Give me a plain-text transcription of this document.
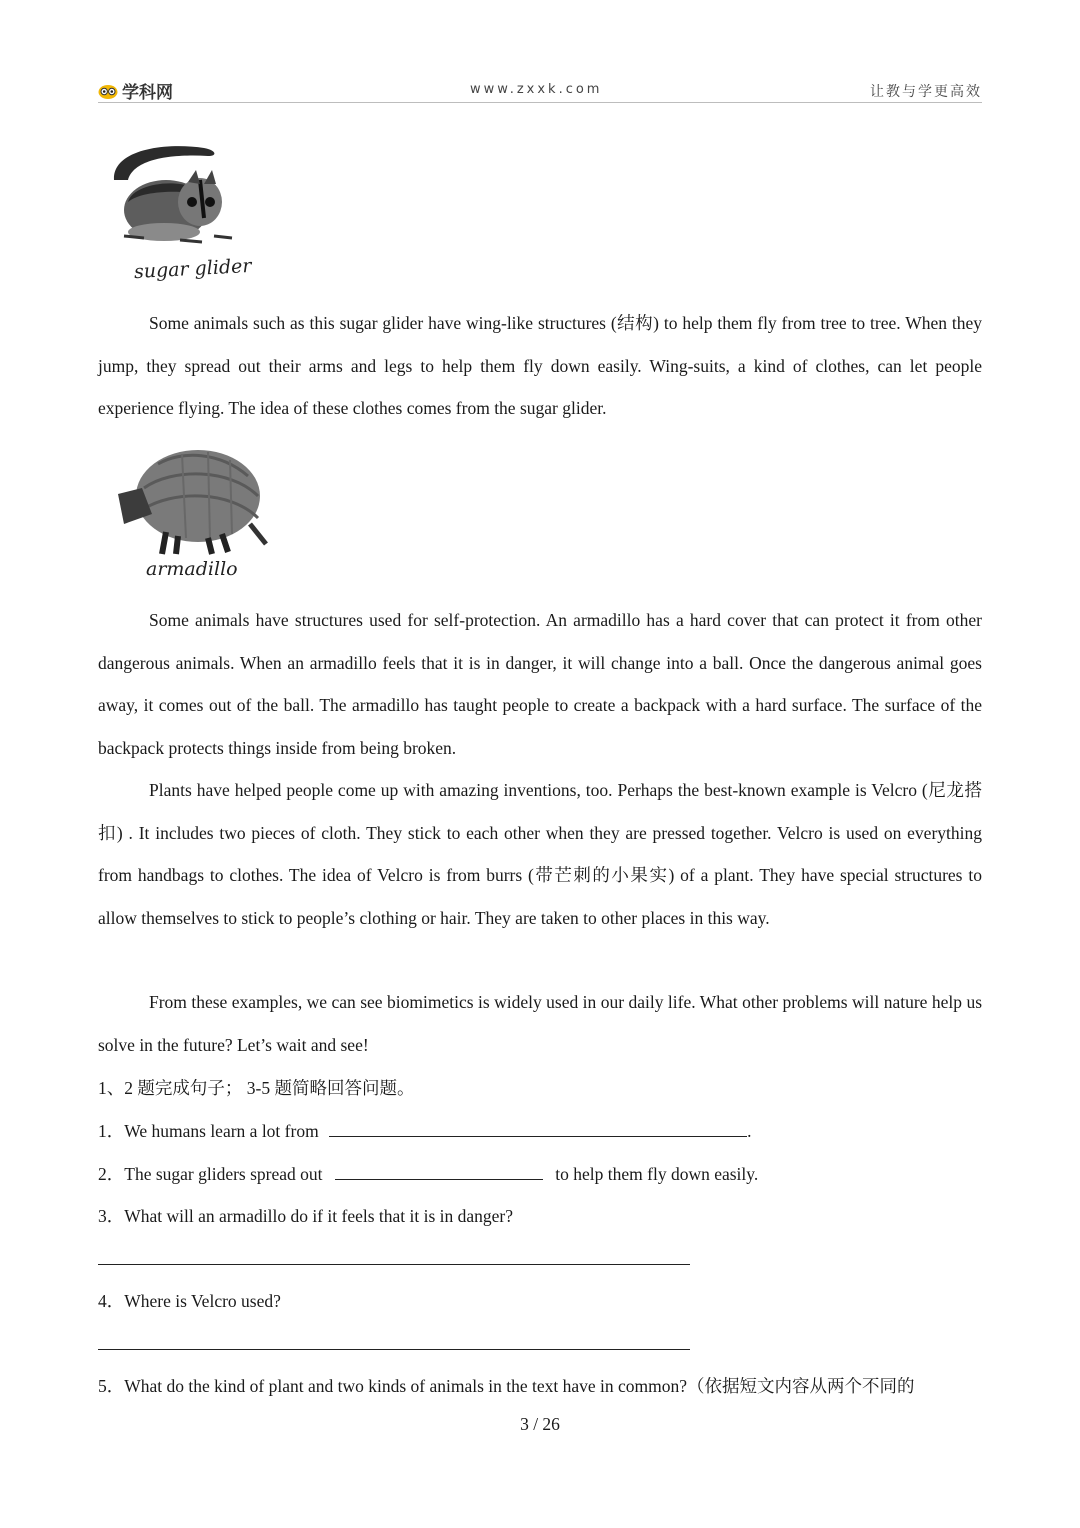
学科网	www.zxxk.com	让教与学更高效
sugar glider

Some animals such as this sugar glider have wing-like structures (结构) to help them fly from tree to tree. When they jump, they spread out their arms and legs to help them fly down easily. Wing-suits, a kind of clothes, can let people experience flying. The idea of these clothes comes from the sugar glider.

armadillo

Some animals have structures used for self-protection. An armadillo has a hard cover that can protect it from other dangerous animals. When an armadillo feels that it is in danger, it will change into a ball. Once the dangerous animal goes away, it comes out of the ball. The armadillo has taught people to create a backpack with a hard surface. The surface of the backpack protects things inside from being broken.

Plants have helped people come up with amazing inventions, too. Perhaps the best-known example is Velcro (尼龙搭扣) . It includes two pieces of cloth. They stick to each other when they are pressed together. Velcro is used on everything from handbags to clothes. The idea of Velcro is from burrs (带芒刺的小果实) of a plant. They have special structures to allow themselves to stick to people’s clothing or hair. They are taken to other places in this way.

From these examples, we can see biomimetics is widely used in our daily life. What other problems will nature help us solve in the future? Let’s wait and see!

1、2 题完成句子； 3-5 题简略回答问题。

1．We humans learn a lot from	.

2．The sugar gliders spread out	to help them fly down easily.

3．What will an armadillo do if it feels that it is in danger?

4．Where is Velcro used?

5．What do the kind of plant and two kinds of animals in the text have in common?（依据短文内容从两个不同的

3 / 26
